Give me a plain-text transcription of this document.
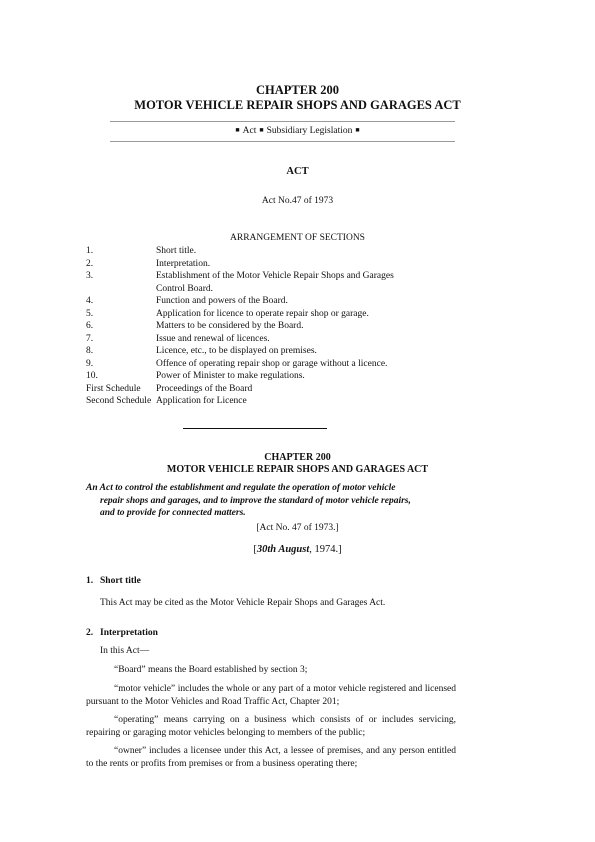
CHAPTER 200
MOTOR VEHICLE REPAIR SHOPS AND GARAGES ACT
■ Act ■ Subsidiary Legislation ■
ACT
Act No.47 of 1973
ARRANGEMENT OF SECTIONS
1.	Short title.
2.	Interpretation.
3.	Establishment of the Motor Vehicle Repair Shops and Garages
Control Board.
4.	Function and powers of the Board.
5.	Application for licence to operate repair shop or garage.
6.	Matters to be considered by the Board.
7.	Issue and renewal of licences.
8.	Licence, etc., to be displayed on premises.
9.	Offence of operating repair shop or garage without a licence.
10.	Power of Minister to make regulations.
First Schedule	Proceedings of the Board
Second Schedule Application for Licence
CHAPTER 200
MOTOR VEHICLE REPAIR SHOPS AND GARAGES ACT
An Act to control the establishment and regulate the operation of motor vehicle
repair shops and garages, and to improve the standard of motor vehicle repairs,
and to provide for connected matters.
[Act No. 47 of 1973.]
[30th August, 1974.]
1. Short title
This Act may be cited as the Motor Vehicle Repair Shops and Garages Act.
2. Interpretation
In this Act—
“Board” means the Board established by section 3;
“motor vehicle” includes the whole or any part of a motor vehicle registered and licensed pursuant to the Motor Vehicles and Road Traffic Act, Chapter 201;
“operating” means carrying on a business which consists of or includes servicing, repairing or garaging motor vehicles belonging to members of the public;
“owner” includes a licensee under this Act, a lessee of premises, and any person entitled to the rents or profits from premises or from a business operating there;
